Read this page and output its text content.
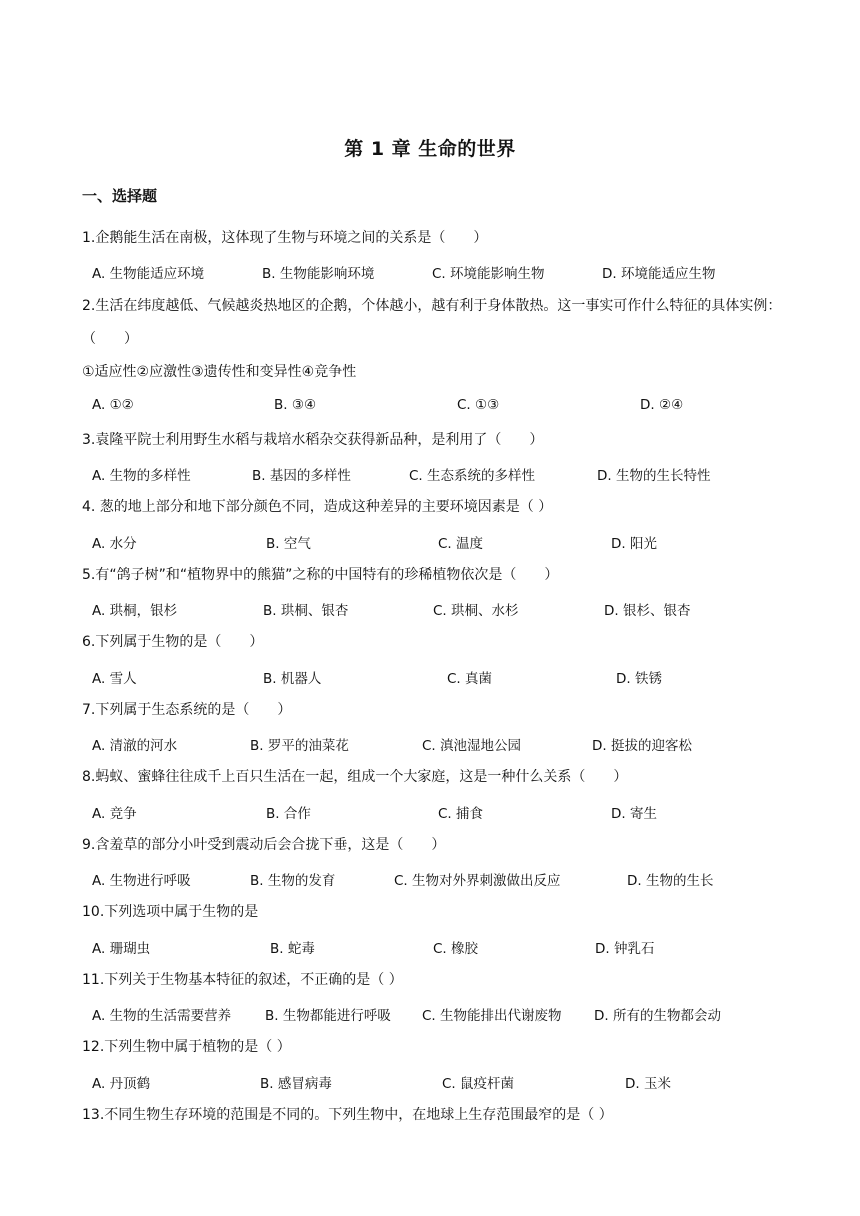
第 1 章 生命的世界
一、选择题
1.企鹅能生活在南极，这体现了生物与环境之间的关系是（　　）
A. 生物能适应环境	B. 生物能影响环境	C. 环境能影响生物	D. 环境能适应生物
2.生活在纬度越低、气候越炎热地区的企鹅，个体越小，越有利于身体散热。这一事实可作什么特征的具体实例：（　　）
①适应性②应激性③遗传性和变异性④竞争性
A. ①②	B. ③④	C. ①③	D. ②④
3.袁隆平院士利用野生水稻与栽培水稻杂交获得新品种，是利用了（　　）
A. 生物的多样性	B. 基因的多样性	C. 生态系统的多样性	D. 生物的生长特性
4. 葱的地上部分和地下部分颜色不同，造成这种差异的主要环境因素是（ ）
A. 水分	B. 空气	C. 温度	D. 阳光
5.有“鸽子树”和“植物界中的熊猫”之称的中国特有的珍稀植物依次是（　　）
A. 珙桐，银杉	B. 珙桐、银杏	C. 珙桐、水杉	D. 银杉、银杏
6.下列属于生物的是（　　）
A. 雪人	B. 机器人	C. 真菌	D. 铁锈
7.下列属于生态系统的是（　　）
A. 清澈的河水	B. 罗平的油菜花	C. 滇池湿地公园	D. 挺拔的迎客松
8.蚂蚁、蜜蜂往往成千上百只生活在一起，组成一个大家庭，这是一种什么关系（　　）
A. 竞争	B. 合作	C. 捕食	D. 寄生
9.含羞草的部分小叶受到震动后会合拢下垂，这是（　　）
A. 生物进行呼吸	B. 生物的发育	C. 生物对外界刺激做出反应	D. 生物的生长
10.下列选项中属于生物的是
A. 珊瑚虫	B. 蛇毒	C. 橡胶	D. 钟乳石
11.下列关于生物基本特征的叙述，不正确的是（ ）
A. 生物的生活需要营养	B. 生物都能进行呼吸 C. 生物能排出代谢废物 D. 所有的生物都会动
12.下列生物中属于植物的是（ ）
A. 丹顶鹤	B. 感冒病毒	C. 鼠疫杆菌	D. 玉米
13.不同生物生存环境的范围是不同的。下列生物中，在地球上生存范围最窄的是（ ）
